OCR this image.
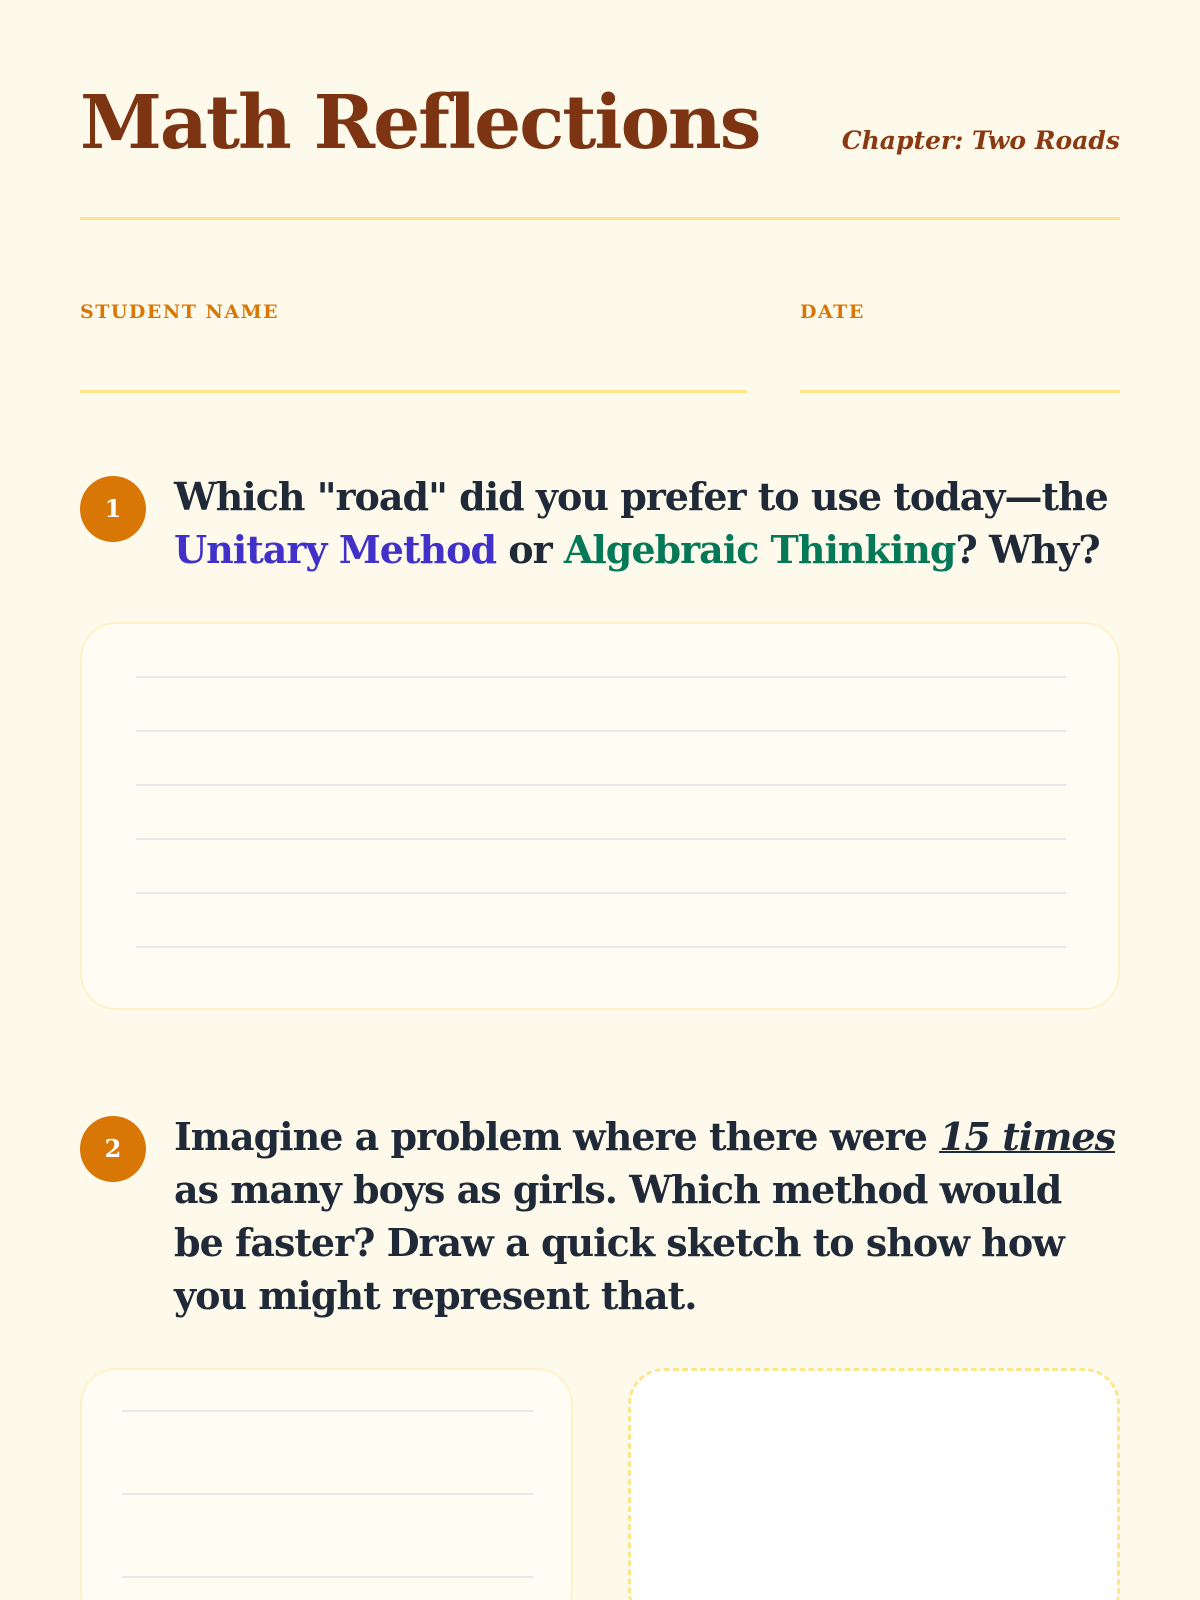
Math Reflections	Chapter: Two Roads
STUDENT NAME	DATE
1	Which "road" did you prefer to use today—the Unitary Method or Algebraic Thinking? Why?

2	Imagine a problem where there were 15 times as many boys as girls. Which method would be faster? Draw a quick sketch to show how you might represent that.
